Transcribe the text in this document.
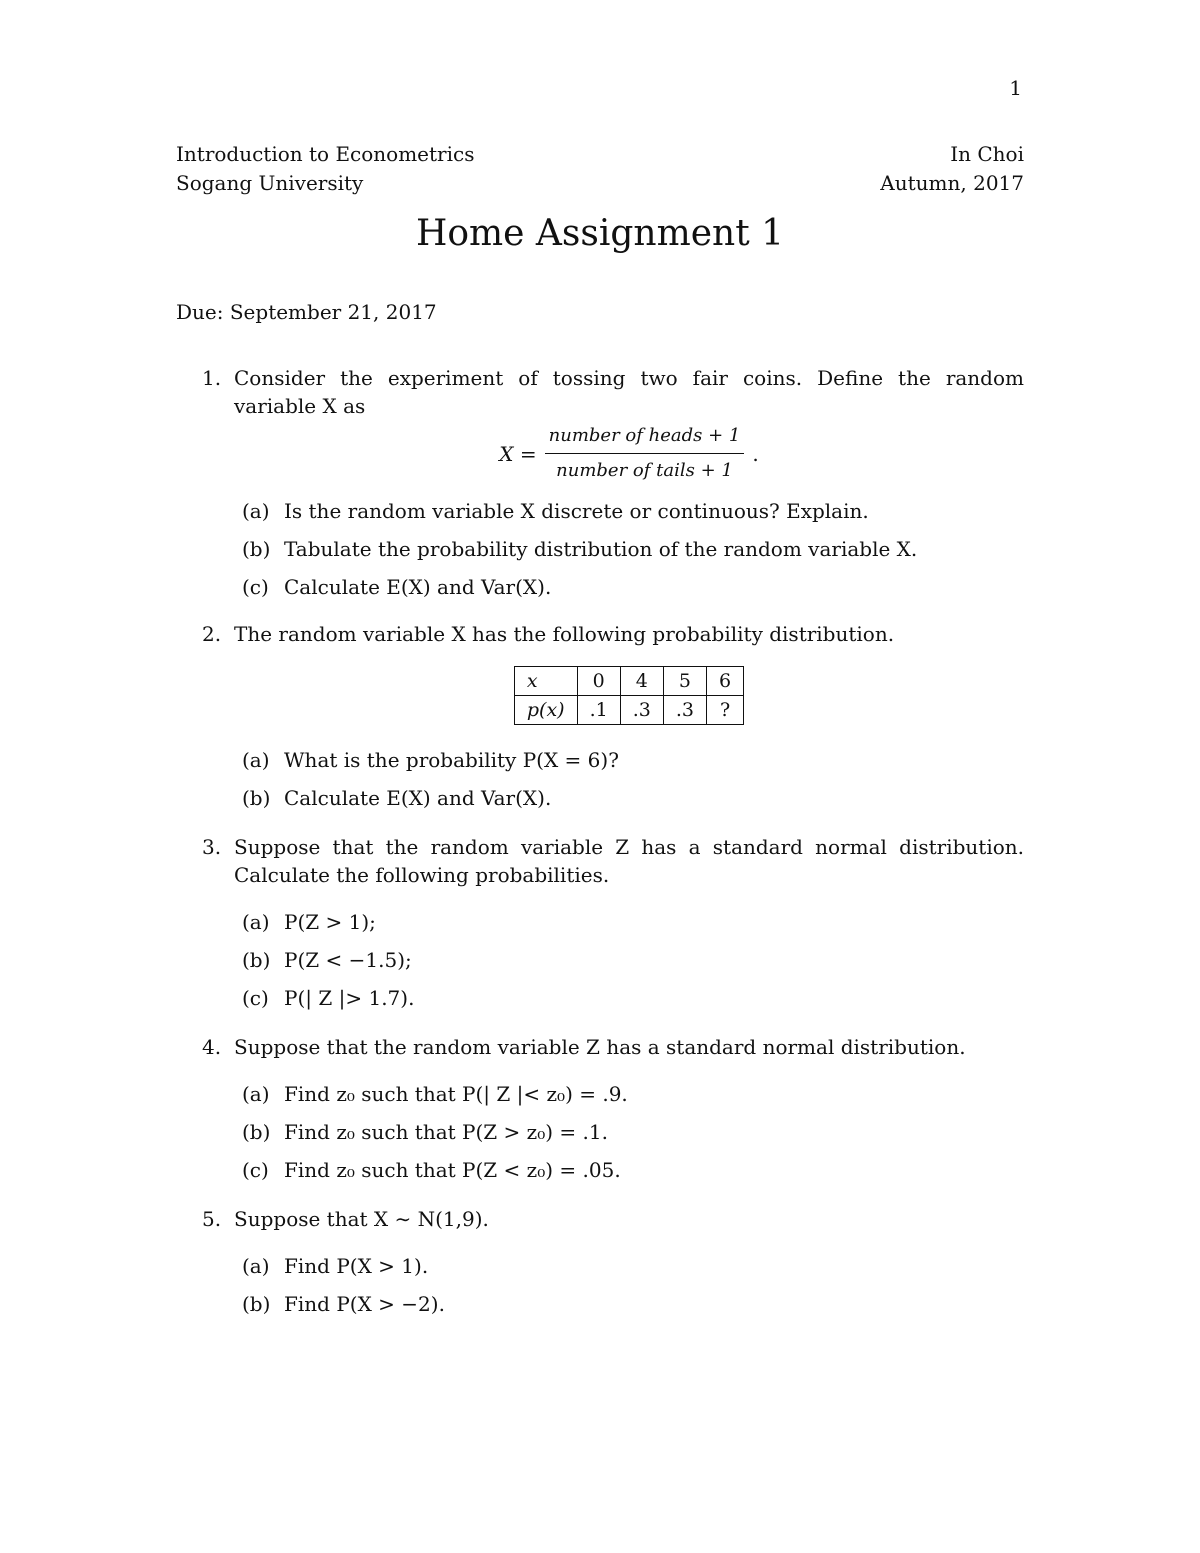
1
Introduction to Econometrics
Sogang University
In Choi
Autumn, 2017
Home Assignment 1
Due: September 21, 2017
1. Consider the experiment of tossing two fair coins. Define the random variable X as
$X = \frac{\text{number of heads + 1}}{\text{number of tails + 1}}$ .
(a) Is the random variable X discrete or continuous? Explain.
(b) Tabulate the probability distribution of the random variable X.
(c) Calculate E(X) and Var(X).
2. The random variable X has the following probability distribution.
x	0	4	5	6
p(x)	.1	.3	.3	?
(a) What is the probability P(X = 6)?
(b) Calculate E(X) and Var(X).
3. Suppose that the random variable Z has a standard normal distribution. Calculate the following probabilities.
(a) P(Z > 1);
(b) P(Z < −1.5);
(c) P(| Z |> 1.7).
4. Suppose that the random variable Z has a standard normal distribution.
(a) Find z₀ such that P(| Z |< z₀) = .9.
(b) Find z₀ such that P(Z > z₀) = .1.
(c) Find z₀ such that P(Z < z₀) = .05.
5. Suppose that X ∼ N(1,9).
(a) Find P(X > 1).
(b) Find P(X > −2).
